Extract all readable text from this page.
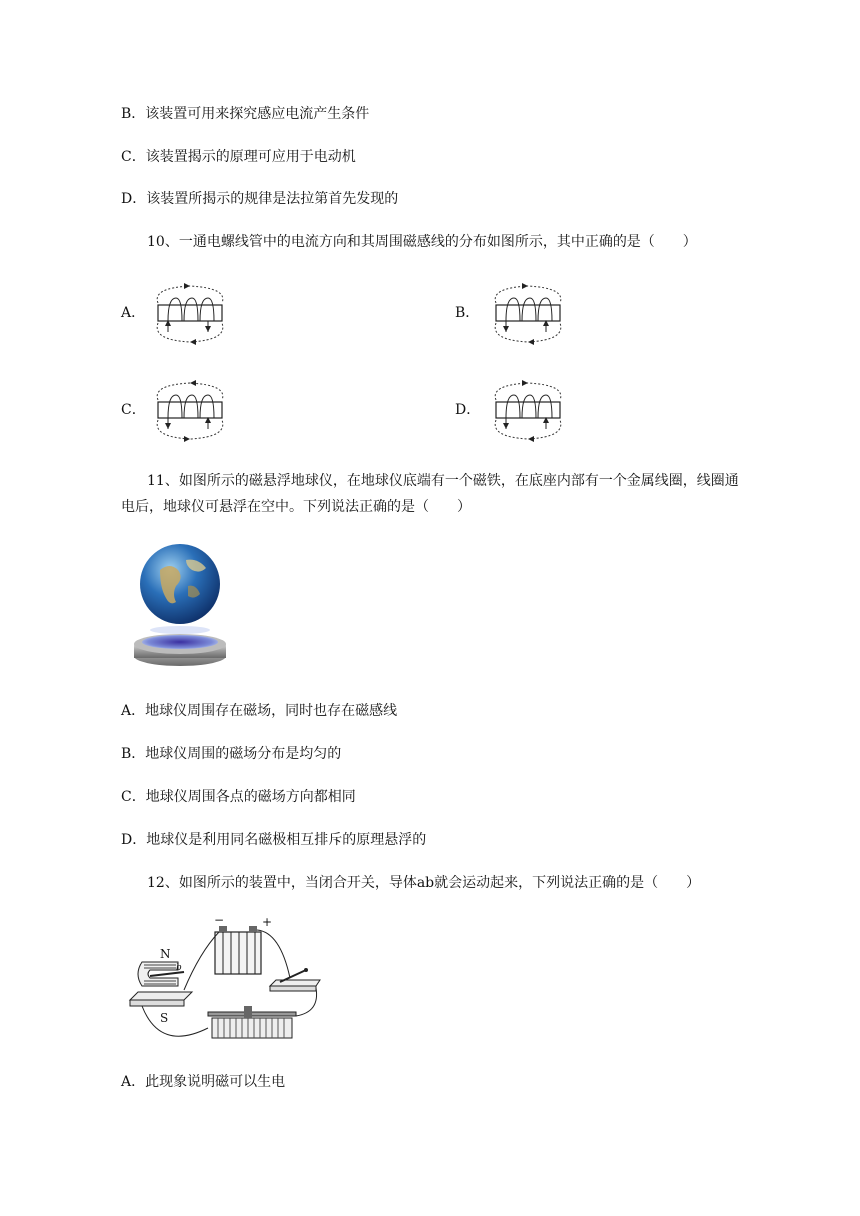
B．该装置可用来探究感应电流产生条件
C．该装置揭示的原理可应用于电动机
D．该装置所揭示的规律是法拉第首先发现的
10、一通电螺线管中的电流方向和其周围磁感线的分布如图所示，其中正确的是（　　）
A．	B．
C．	D．
11、如图所示的磁悬浮地球仪，在地球仪底端有一个磁铁，在底座内部有一个金属线圈，线圈通
电后，地球仪可悬浮在空中。下列说法正确的是（　　）
A．地球仪周围存在磁场，同时也存在磁感线
B．地球仪周围的磁场分布是均匀的
C．地球仪周围各点的磁场方向都相同
D．地球仪是利用同名磁极相互排斥的原理悬浮的
12、如图所示的装置中，当闭合开关，导体ab就会运动起来，下列说法正确的是（　　）
−	+
N
S
b
A．此现象说明磁可以生电
